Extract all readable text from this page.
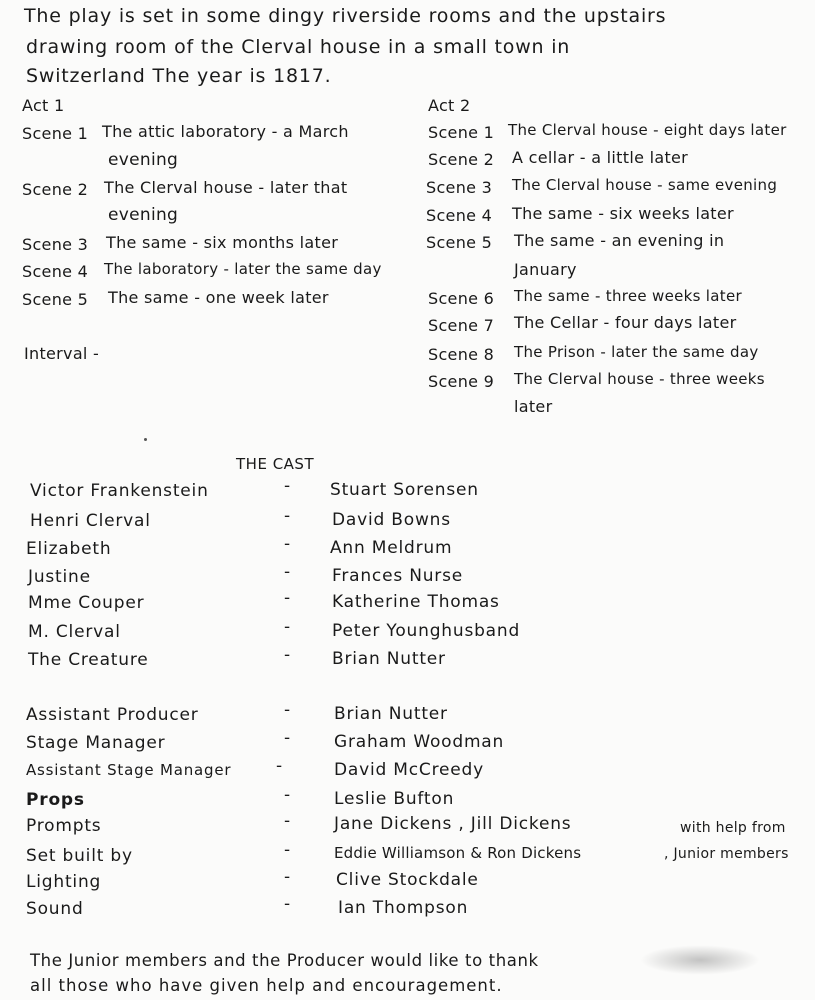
The play is set in some dingy riverside rooms and the upstairs
drawing room of the Clerval house in a small town in
Switzerland The year is 1817.
Act 1
Scene 1 The attic laboratory - a March
evening
Scene 2 The Clerval house - later that
evening
Scene 3 The same - six months later
Scene 4 The laboratory - later the same day
Scene 5 The same - one week later
Interval -
Act 2
Scene 1 The Clerval house - eight days later
Scene 2 A cellar - a little later
Scene 3 The Clerval house - same evening
Scene 4 The same - six weeks later
Scene 5 The same - an evening in
January
Scene 6 The same - three weeks later
Scene 7 The Cellar - four days later
Scene 8 The Prison - later the same day
Scene 9 The Clerval house - three weeks
later
THE CAST
Victor Frankenstein	- Stuart Sorensen
Henri Clerval	- David Bowns
Elizabeth	- Ann Meldrum
Justine	- Frances Nurse
Mme Couper	- Katherine Thomas
M. Clerval	- Peter Younghusband
The Creature	- Brian Nutter
Assistant Producer	-	Brian Nutter
Stage Manager	-	Graham Woodman
Assistant Stage Manager	-	David McCreedy
Props	-	Leslie Bufton
Prompts	-	Jane Dickens , Jill Dickens	with help from
Set built by	-	Eddie Williamson & Ron Dickens	, Junior members
Lighting	-	Clive Stockdale
Sound	-	Ian Thompson
The Junior members and the Producer would like to thank
all those who have given help and encouragement.
